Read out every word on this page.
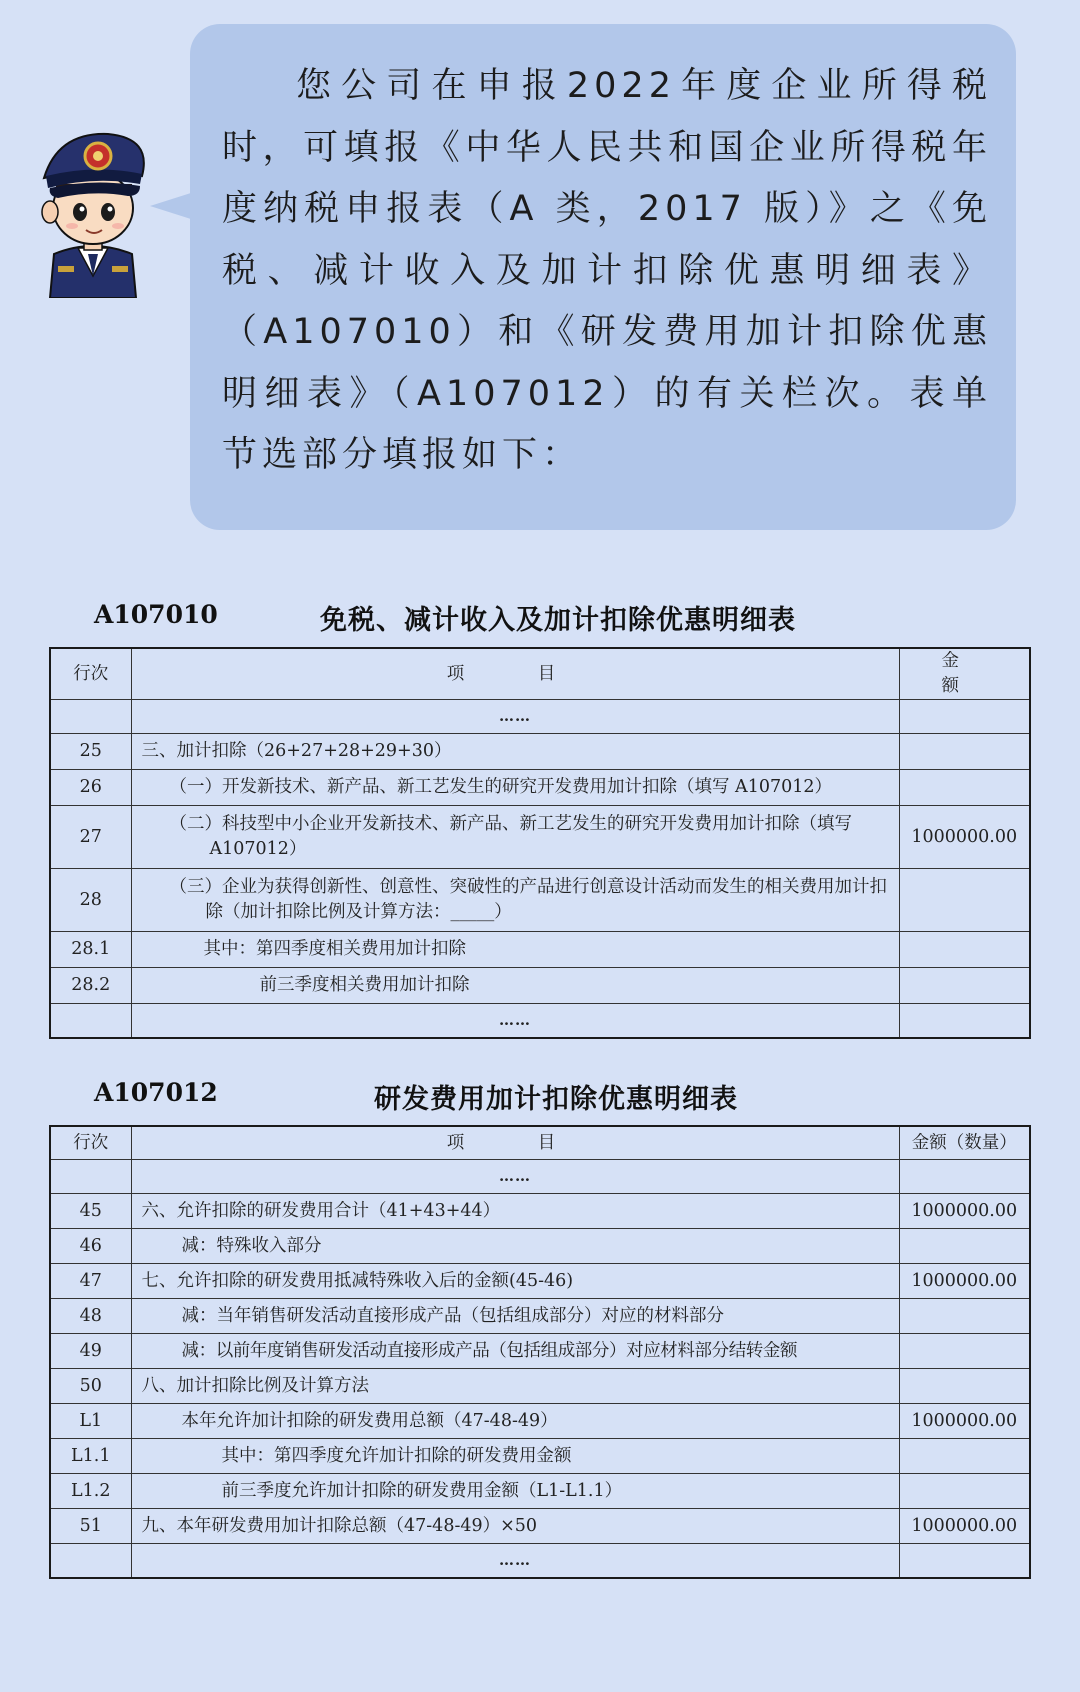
您公司在申报2022年度企业所得税时，可填报《中华人民共和国企业所得税年度纳税申报表（A 类，2017 版）》之《免税、减计收入及加计扣除优惠明细表》（A107010）和《研发费用加计扣除优惠明细表》（A107012）的有关栏次。表单节选部分填报如下：

A107010	免税、减计收入及加计扣除优惠明细表
行次	项　目	金　额
	……	
25	三、加计扣除（26+27+28+29+30）	
26	（一）开发新技术、新产品、新工艺发生的研究开发费用加计扣除（填写 A107012）	
27	（二）科技型中小企业开发新技术、新产品、新工艺发生的研究开发费用加计扣除（填写 A107012）	1000000.00
28	（三）企业为获得创新性、创意性、突破性的产品进行创意设计活动而发生的相关费用加计扣除（加计扣除比例及计算方法：_____）	

28.1	其中：第四季度相关费用加计扣除	
28.2	前三季度相关费用加计扣除	
	……	
A107012	研发费用加计扣除优惠明细表
行次	项　目	金额（数量）
	……	
45	六、允许扣除的研发费用合计（41+43+44）	1000000.00
46	减：特殊收入部分	
47	七、允许扣除的研发费用抵减特殊收入后的金额(45-46)	1000000.00
48	减：当年销售研发活动直接形成产品（包括组成部分）对应的材料部分	
49	减：以前年度销售研发活动直接形成产品（包括组成部分）对应材料部分结转金额	
50	八、加计扣除比例及计算方法	
L1	本年允许加计扣除的研发费用总额（47-48-49）	1000000.00
L1.1	其中：第四季度允许加计扣除的研发费用金额	
L1.2	前三季度允许加计扣除的研发费用金额（L1-L1.1）	
51	九、本年研发费用加计扣除总额（47-48-49）×50	1000000.00
	……	
